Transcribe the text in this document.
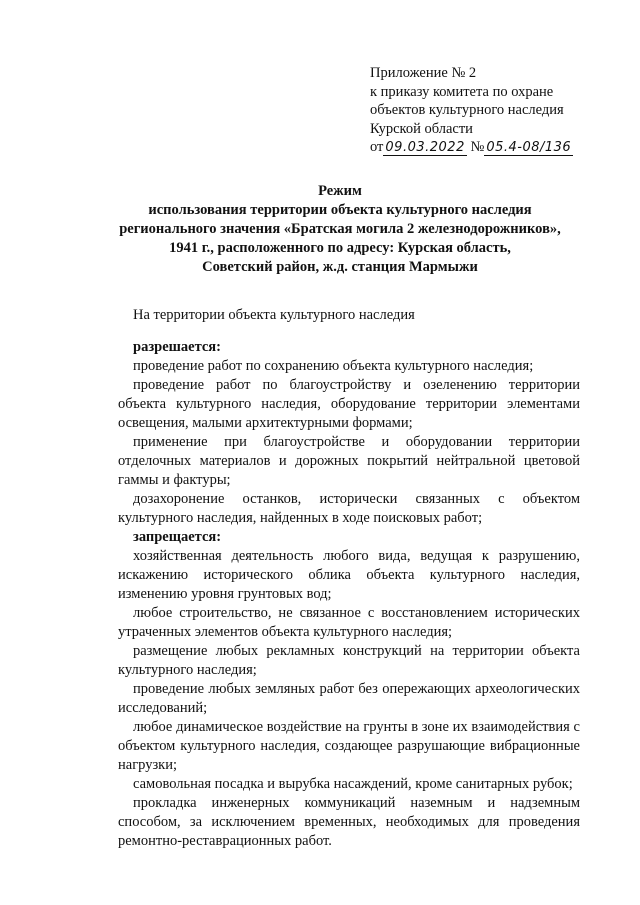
Приложение № 2
к приказу комитета по охране
объектов культурного наследия
Курской области
от 09.03.2022 № 05.4-08/136
Режим
использования территории объекта культурного наследия
регионального значения «Братская могила 2 железнодорожников»,
1941 г., расположенного по адресу: Курская область,
Советский район, ж.д. станция Мармыжи
На территории объекта культурного наследия

разрешается:

проведение работ по сохранению объекта культурного наследия;

проведение работ по благоустройству и озеленению территории объекта культурного наследия, оборудование территории элементами освещения, малыми архитектурными формами;

применение при благоустройстве и оборудовании территории отделочных материалов и дорожных покрытий нейтральной цветовой гаммы и фактуры;

дозахоронение останков, исторически связанных с объектом культурного наследия, найденных в ходе поисковых работ;

запрещается:

хозяйственная деятельность любого вида, ведущая к разрушению, искажению исторического облика объекта культурного наследия, изменению уровня грунтовых вод;

любое строительство, не связанное с восстановлением исторических утраченных элементов объекта культурного наследия;

размещение любых рекламных конструкций на территории объекта культурного наследия;

проведение любых земляных работ без опережающих археологических исследований;

любое динамическое воздействие на грунты в зоне их взаимодействия с объектом культурного наследия, создающее разрушающие вибрационные нагрузки;

самовольная посадка и вырубка насаждений, кроме санитарных рубок;

прокладка инженерных коммуникаций наземным и надземным способом, за исключением временных, необходимых для проведения ремонтно-реставрационных работ.
